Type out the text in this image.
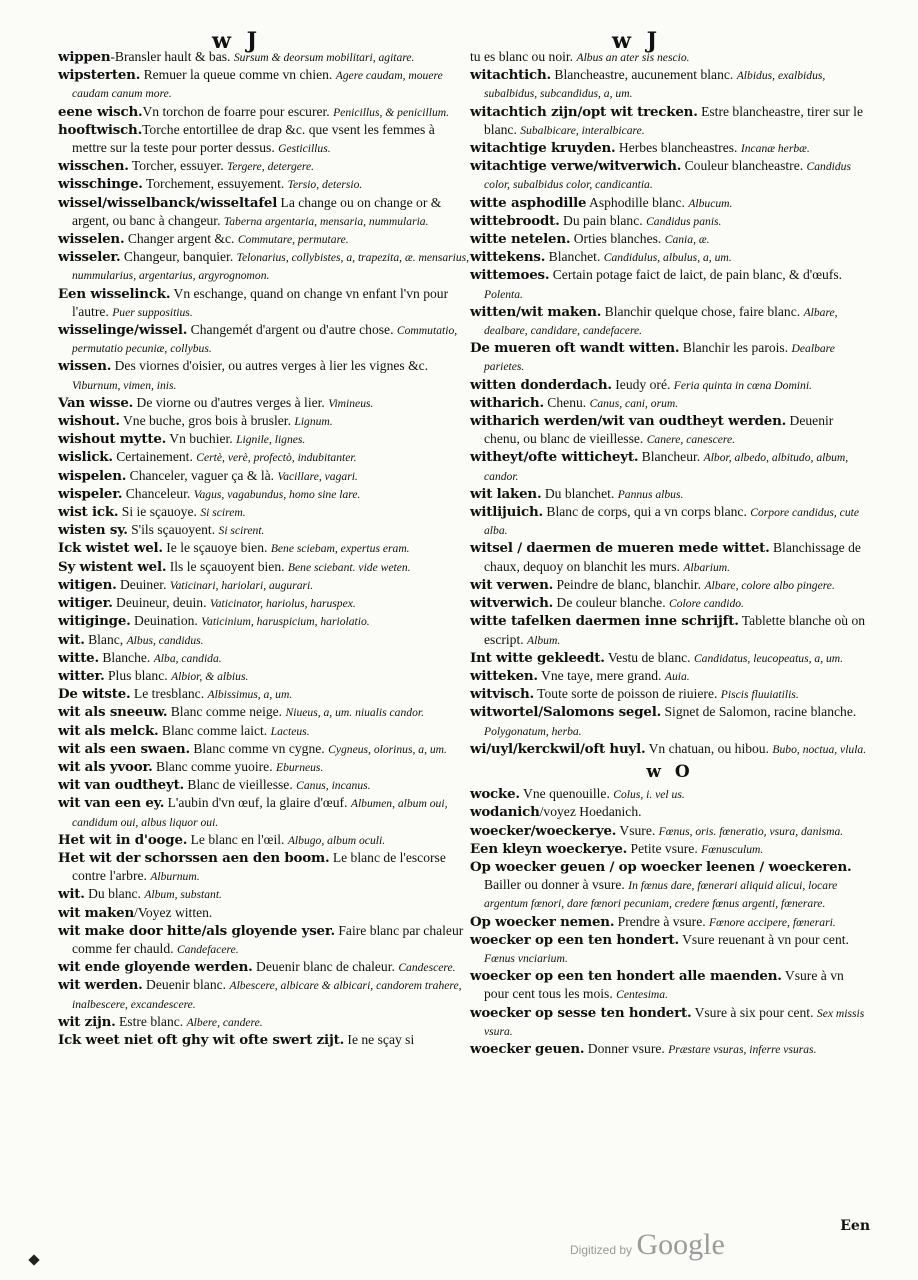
w J	w J

wippen-Bransler hault & bas. Sursum & deorsum mobilitari, agitare.

wipsterten. Remuer la queue comme vn chien. Agere caudam, mouere caudam canum more.

eene wisch.Vn torchon de foarre pour escurer. Penicillus, & penicillum.

hooftwisch.Torche entortillee de drap &c. que vsent les femmes à mettre sur la teste pour porter dessus. Gesticillus.

wisschen. Torcher, essuyer. Tergere, detergere.

wisschinge. Torchement, essuyement. Tersio, detersio.

wissel/wisselbanck/wisseltafel La change ou on change or & argent, ou banc à changeur. Taberna argentaria, mensaria, nummularia.

wisselen. Changer argent &c. Commutare, permutare.

wisseler. Changeur, banquier. Telonarius, collybistes, a, trapezita, æ. mensarius, nummularius, argentarius, argyrognomon.

Een wisselinck. Vn eschange, quand on change vn enfant l'vn pour l'autre. Puer suppositius.

wisselinge/wissel. Changemét d'argent ou d'autre chose. Commutatio, permutatio pecuniæ, collybus.

wissen. Des viornes d'oisier, ou autres verges à lier les vignes &c. Viburnum, vimen, inis.

Van wisse. De viorne ou d'autres verges à lier. Vimineus.

wishout. Vne buche, gros bois à brusler. Lignum.

wishout mytte. Vn buchier. Lignile, lignes.

wislick. Certainement. Certè, verè, profectò, indubitanter.

wispelen. Chanceler, vaguer ça & là. Vacillare, vagari.

wispeler. Chanceleur. Vagus, vagabundus, homo sine lare.

wist ick. Si ie sçauoye. Si scirem.

wisten sy. S'ils sçauoyent. Si scirent.

Ick wistet wel. Ie le sçauoye bien. Bene sciebam, expertus eram.

Sy wistent wel. Ils le sçauoyent bien. Bene sciebant. vide weten.

witigen. Deuiner. Vaticinari, hariolari, augurari.

witiger. Deuineur, deuin. Vaticinator, hariolus, haruspex.

witiginge. Deuination. Vaticinium, haruspicium, hariolatio.

wit. Blanc, Albus, candidus.

witte. Blanche. Alba, candida.

witter. Plus blanc. Albior, & albius.

De witste. Le tresblanc. Albissimus, a, um.

wit als sneeuw. Blanc comme neige. Niueus, a, um. niualis candor.

wit als melck. Blanc comme laict. Lacteus.

wit als een swaen. Blanc comme vn cygne. Cygneus, olorinus, a, um.

wit als yvoor. Blanc comme yuoire. Eburneus.

wit van oudtheyt. Blanc de vieillesse. Canus, incanus.

wit van een ey. L'aubin d'vn œuf, la glaire d'œuf. Albumen, album oui, candidum oui, albus liquor oui.

Het wit in d'ooge. Le blanc en l'œil. Albugo, album oculi.

Het wit der schorssen aen den boom. Le blanc de l'escorse contre l'arbre. Alburnum.

wit. Du blanc. Album, substant.

wit maken/Voyez witten.

wit make door hitte/als gloyende yser. Faire blanc par chaleur comme fer chauld. Candefacere.

wit ende gloyende werden. Deuenir blanc de chaleur. Candescere.

wit werden. Deuenir blanc. Albescere, albicare & albicari, candorem trahere, inalbescere, excandescere.

wit zijn. Estre blanc. Albere, candere.

Ick weet niet oft ghy wit ofte swert zijt. Ie ne sçay si

tu es blanc ou noir. Albus an ater sis nescio.

witachtich. Blancheastre, aucunement blanc. Albidus, exalbidus, subalbidus, subcandidus, a, um.

witachtich zijn/opt wit trecken. Estre blancheastre, tirer sur le blanc. Subalbicare, interalbicare.

witachtige kruyden. Herbes blancheastres. Incanæ herbæ.

witachtige verwe/witverwich. Couleur blancheastre. Candidus color, subalbidus color, candicantia.

witte asphodille Asphodille blanc. Albucum.

wittebroodt. Du pain blanc. Candidus panis.

witte netelen. Orties blanches. Cania, æ.

wittekens. Blanchet. Candidulus, albulus, a, um.

wittemoes. Certain potage faict de laict, de pain blanc, & d'œufs. Polenta.

witten/wit maken. Blanchir quelque chose, faire blanc. Albare, dealbare, candidare, candefacere.

De mueren oft wandt witten. Blanchir les parois. Dealbare parietes.

witten donderdach. Ieudy oré. Feria quinta in cœna Domini.

witharich. Chenu. Canus, cani, orum.

witharich werden/wit van oudtheyt werden. Deuenir chenu, ou blanc de vieillesse. Canere, canescere.

witheyt/ofte witticheyt. Blancheur. Albor, albedo, albitudo, album, candor.

wit laken. Du blanchet. Pannus albus.

witlijuich. Blanc de corps, qui a vn corps blanc. Corpore candidus, cute alba.

witsel / daermen de mueren mede wittet. Blanchissage de chaux, dequoy on blanchit les murs. Albarium.

wit verwen. Peindre de blanc, blanchir. Albare, colore albo pingere.

witverwich. De couleur blanche. Colore candido.

witte tafelken daermen inne schrijft. Tablette blanche où on escript. Album.

Int witte gekleedt. Vestu de blanc. Candidatus, leucopeatus, a, um.

witteken. Vne taye, mere grand. Auia.

witvisch. Toute sorte de poisson de riuiere. Piscis fluuiatilis.

witwortel/Salomons segel. Signet de Salomon, racine blanche. Polygonatum, herba.

wi/uyl/kerckwil/oft huyl. Vn chatuan, ou hibou. Bubo, noctua, vlula.

w O

wocke. Vne quenouille. Colus, i. vel us.

wodanich/voyez Hoedanich.

woecker/woeckerye. Vsure. Fœnus, oris. fœneratio, vsura, danisma.

Een kleyn woeckerye. Petite vsure. Fœnusculum.

Op woecker geuen / op woecker leenen / woeckeren. Bailler ou donner à vsure. In fœnus dare, fœnerari aliquid alicui, locare argentum fœnori, dare fœnori pecuniam, credere fœnus argenti, fœnerare.

Op woecker nemen. Prendre à vsure. Fœnore accipere, fœnerari.

woecker op een ten hondert. Vsure reuenant à vn pour cent. Fœnus vnciarium.

woecker op een ten hondert alle maenden. Vsure à vn pour cent tous les mois. Centesima.

woecker op sesse ten hondert. Vsure à six pour cent. Sex missis vsura.

woecker geuen. Donner vsure. Præstare vsuras, inferre vsuras.

Een
Digitized by Google
